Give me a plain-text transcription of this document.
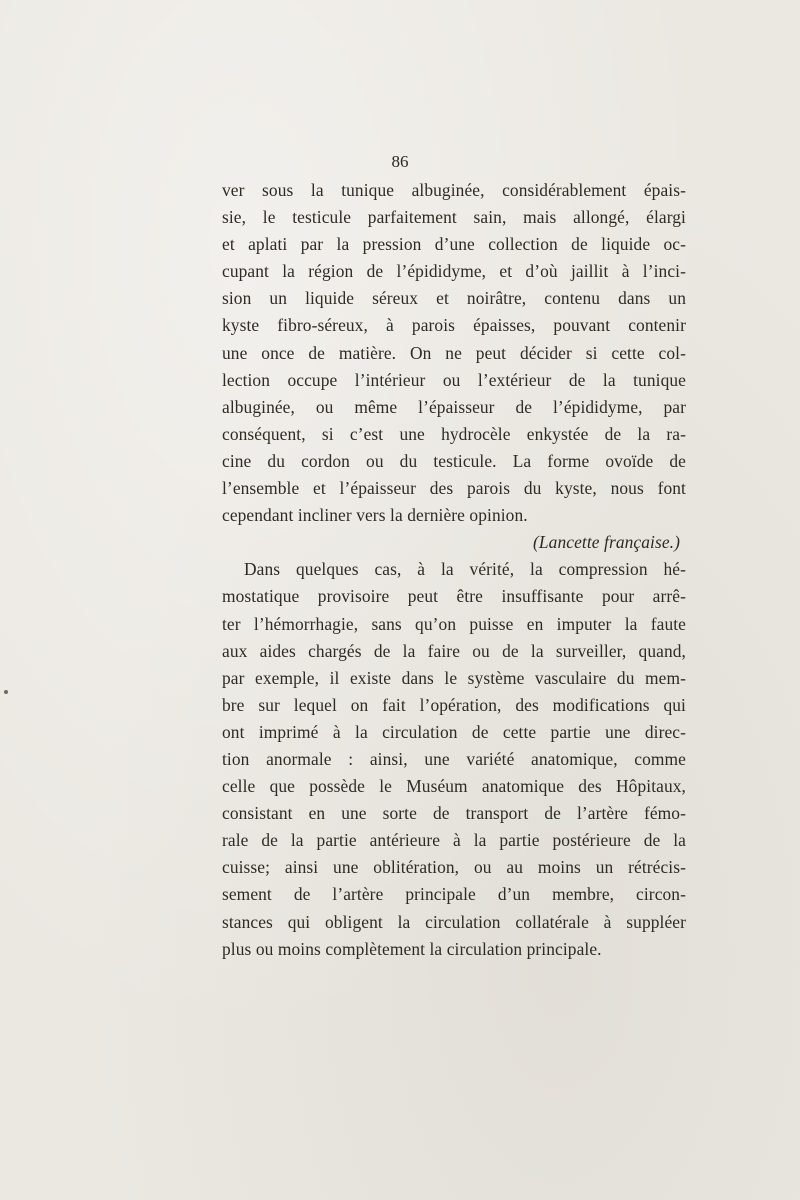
86
ver sous la tunique albuginée, considérablement épais-
sie, le testicule parfaitement sain, mais allongé, élargi
et aplati par la pression d’une collection de liquide oc-
cupant la région de l’épididyme, et d’où jaillit à l’inci-
sion un liquide séreux et noirâtre, contenu dans un
kyste fibro-séreux, à parois épaisses, pouvant contenir
une once de matière. On ne peut décider si cette col-
lection occupe l’intérieur ou l’extérieur de la tunique
albuginée, ou même l’épaisseur de l’épididyme, par
conséquent, si c’est une hydrocèle enkystée de la ra-
cine du cordon ou du testicule. La forme ovoïde de
l’ensemble et l’épaisseur des parois du kyste, nous font
cependant incliner vers la dernière opinion.
(Lancette française.)
Dans quelques cas, à la vérité, la compression hé-
mostatique provisoire peut être insuffisante pour arrê-
ter l’hémorrhagie, sans qu’on puisse en imputer la faute
aux aides chargés de la faire ou de la surveiller, quand,
par exemple, il existe dans le système vasculaire du mem-
bre sur lequel on fait l’opération, des modifications qui
ont imprimé à la circulation de cette partie une direc-
tion anormale : ainsi, une variété anatomique, comme
celle que possède le Muséum anatomique des Hôpitaux,
consistant en une sorte de transport de l’artère fémo-
rale de la partie antérieure à la partie postérieure de la
cuisse; ainsi une oblitération, ou au moins un rétrécis-
sement de l’artère principale d’un membre, circon-
stances qui obligent la circulation collatérale à suppléer
plus ou moins complètement la circulation principale.
